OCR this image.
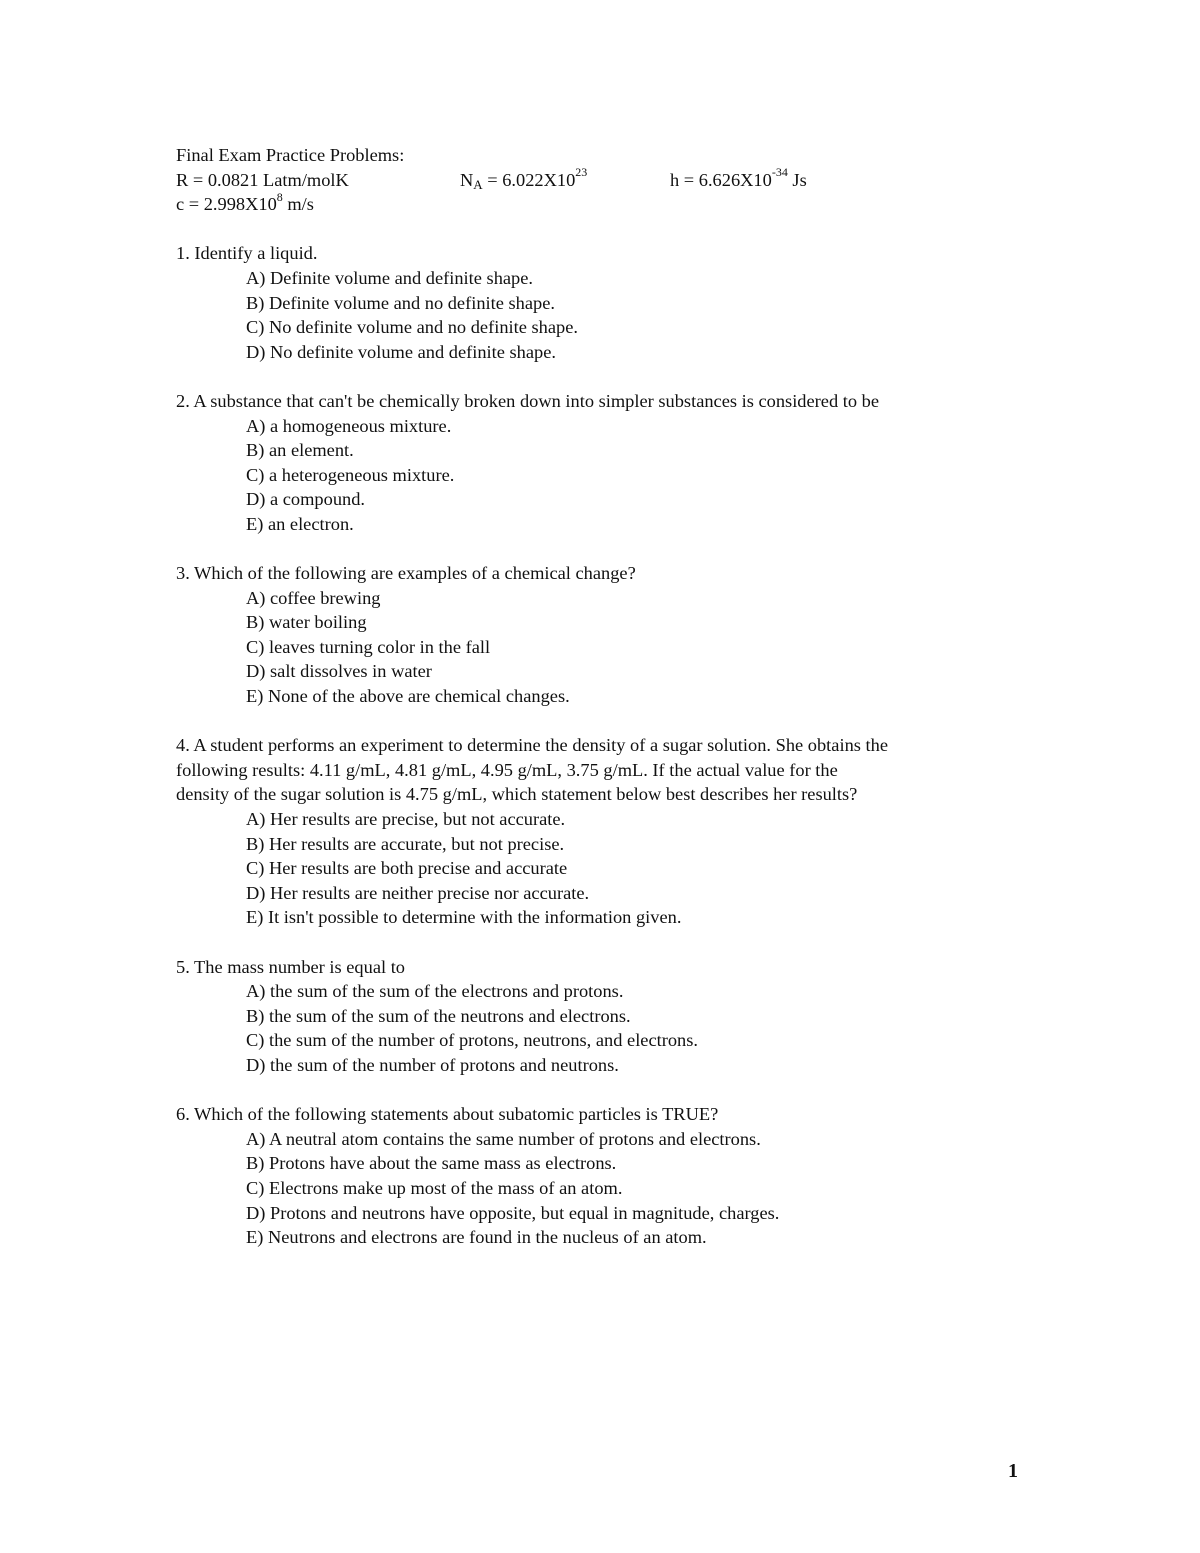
Final Exam Practice Problems:
R = 0.0821 Latm/molK	$N_A = 6.022X10^{23}$	$h = 6.626X10^{-34}$ Js
$c = 2.998X10^8$ m/s
1. Identify a liquid.
A) Definite volume and definite shape.
B) Definite volume and no definite shape.
C) No definite volume and no definite shape.
D) No definite volume and definite shape.
2. A substance that can't be chemically broken down into simpler substances is considered to be
A) a homogeneous mixture.
B) an element.
C) a heterogeneous mixture.
D) a compound.
E) an electron.
3. Which of the following are examples of a chemical change?
A) coffee brewing
B) water boiling
C) leaves turning color in the fall
D) salt dissolves in water
E) None of the above are chemical changes.
4. A student performs an experiment to determine the density of a sugar solution. She obtains the
following results: 4.11 g/mL, 4.81 g/mL, 4.95 g/mL, 3.75 g/mL. If the actual value for the
density of the sugar solution is 4.75 g/mL, which statement below best describes her results?
A) Her results are precise, but not accurate.
B) Her results are accurate, but not precise.
C) Her results are both precise and accurate
D) Her results are neither precise nor accurate.
E) It isn't possible to determine with the information given.
5. The mass number is equal to
A) the sum of the sum of the electrons and protons.
B) the sum of the sum of the neutrons and electrons.
C) the sum of the number of protons, neutrons, and electrons.
D) the sum of the number of protons and neutrons.
6. Which of the following statements about subatomic particles is TRUE?
A) A neutral atom contains the same number of protons and electrons.
B) Protons have about the same mass as electrons.
C) Electrons make up most of the mass of an atom.
D) Protons and neutrons have opposite, but equal in magnitude, charges.
E) Neutrons and electrons are found in the nucleus of an atom.
1
